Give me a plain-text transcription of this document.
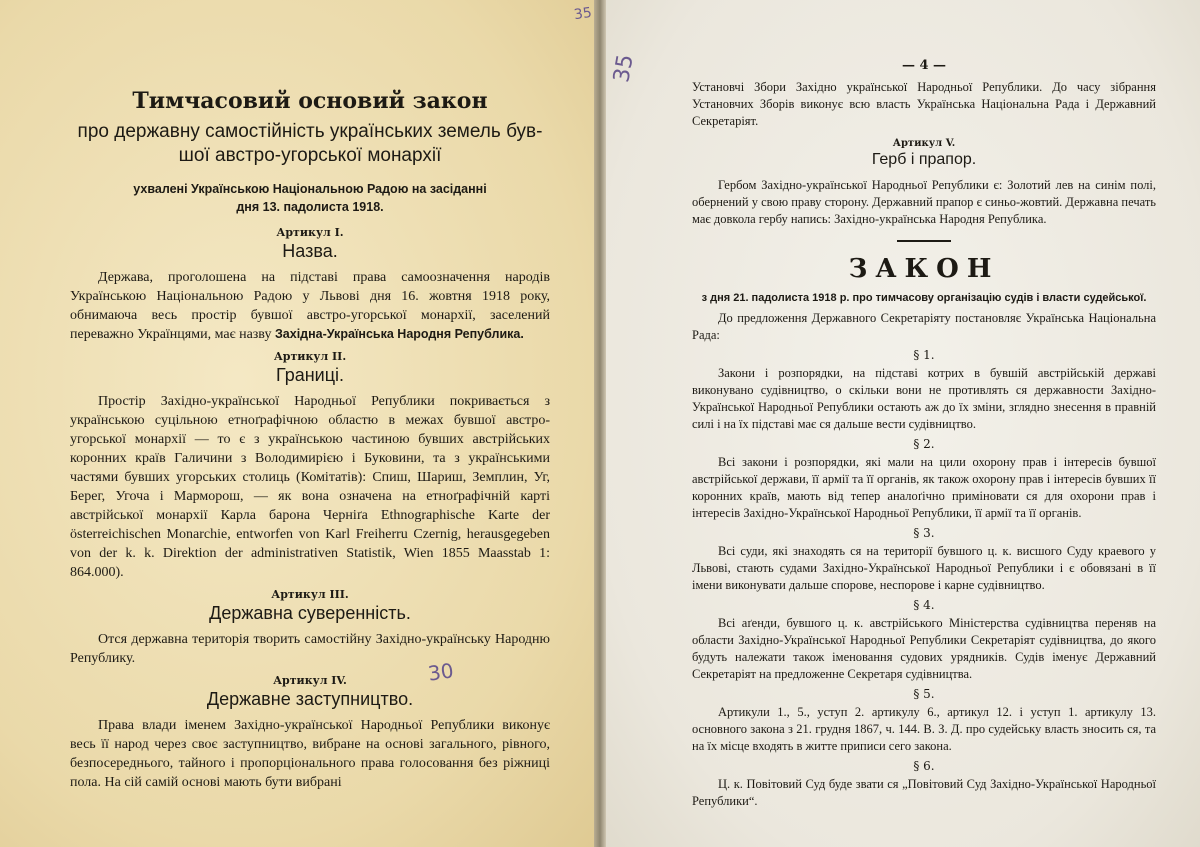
Тимчасовий основий закон
про державну самостійність українських земель був-
шої австро-угорської монархії
ухвалені Українською Національною Радою на засіданні
дня 13. падолиста 1918.
Артикул І.
Назва.

Держава, проголошена на підставі права самоозначення народів Українською Національною Радою у Львові дня 16. жовтня 1918 року, обнимаюча весь простір бувшої австро-угорської монархії, заселений переважно Українцями, має назву Західна-Українська Народня Република.

Артикул ІІ.
Границі.

Простір Західно-української Народньої Републики покривається з українською суцільною етноґрафічною областю в межах бувшої австро-угорської монархії — то є з українською частиною бувших австрійських коронних країв Галичини з Володимирією і Буковини, та з українськими частями бувших угорських столиць (Комітатів): Спиш, Шариш, Земплин, Уг, Берег, Угоча і Марморош, — як вона означена на етноґрафічній карті австрійської монархії Карла барона Черніґа Ethnographische Karte der österreichischen Monarchie, entworfen von Karl Freiherru Czernig, herausgegeben von der k. k. Direktion der administrativen Statistik, Wien 1855 Maasstab 1: 864.000).

Артикул ІІІ.
Державна суверенність.

Отся державна територія творить самостійну Західно-українську Народню Републику.

Артикул IV.
Державне заступництво.

Права влади іменем Західно-української Народньої Републики виконує весь її народ через своє заступництво, вибране на основі загального, рівного, безпосереднього, тайного і пропорціонального права голосовання без ріжниці пола. На сій самій основі мають бути вибрані

35
30
— 4 —

Установчі Збори Західно української Народньої Републики. До часу зібрання Установчих Зборів виконує всю власть Українська Національна Рада і Державний Секретаріят.

Артикул V.
Герб і прапор.

Гербом Західно-української Народньої Републики є: Золотий лев на синім полі, обернений у свою праву сторону. Державний прапор є синьо-жовтий. Державна печать має довкола гербу напись: Західно-українська Народня Република.

ЗАКОН
з дня 21. падолиста 1918 р. про тимчасову організацію судів і власти судейської.

До предложення Державного Секретаріяту постановляє Українська Національна Рада:

§ 1.

Закони і розпорядки, на підставі котрих в бувшій австрійській державі виконувано судівництво, о скільки вони не противлять ся державности Західно-Української Народньої Републики остають аж до їх зміни, зглядно знесення в правній силі і на їх підставі має ся дальше вести судівництво.

§ 2.

Всі закони і розпорядки, які мали на цили охорону прав і інтересів бувшої австрійської держави, її армії та її органів, як також охорону прав і інтересів бувших її коронних країв, мають від тепер аналоґічно приміновати ся для охорони прав і інтересів Західно-Української Народньої Републики, її армії та її органів.

§ 3.

Всі суди, які знаходять ся на території бувшого ц. к. висшого Суду краевого у Львові, стають судами Західно-Української Народньої Републики і є обовязані в її імени виконувати дальше спорове, неспорове і карне судівництво.

§ 4.

Всі аґенди, бувшого ц. к. австрійського Міністерства судівництва переняв на области Західно-Української Народньої Републики Секретаріят судівництва, до якого будуть належати також іменовання судових урядників. Судів іменує Державний Секретаріят на предложенне Секретаря судівництва.

§ 5.

Артикули 1., 5., уступ 2. артикулу 6., артикул 12. і уступ 1. артикулу 13. основного закона з 21. грудня 1867, ч. 144. В. З. Д. про судейську власть зносить ся, та на їх місце входять в житте приписи сего закона.

§ 6.

Ц. к. Повітовий Суд буде звати ся „Повітовий Суд Західно-Української Народньої Републики“.

35
